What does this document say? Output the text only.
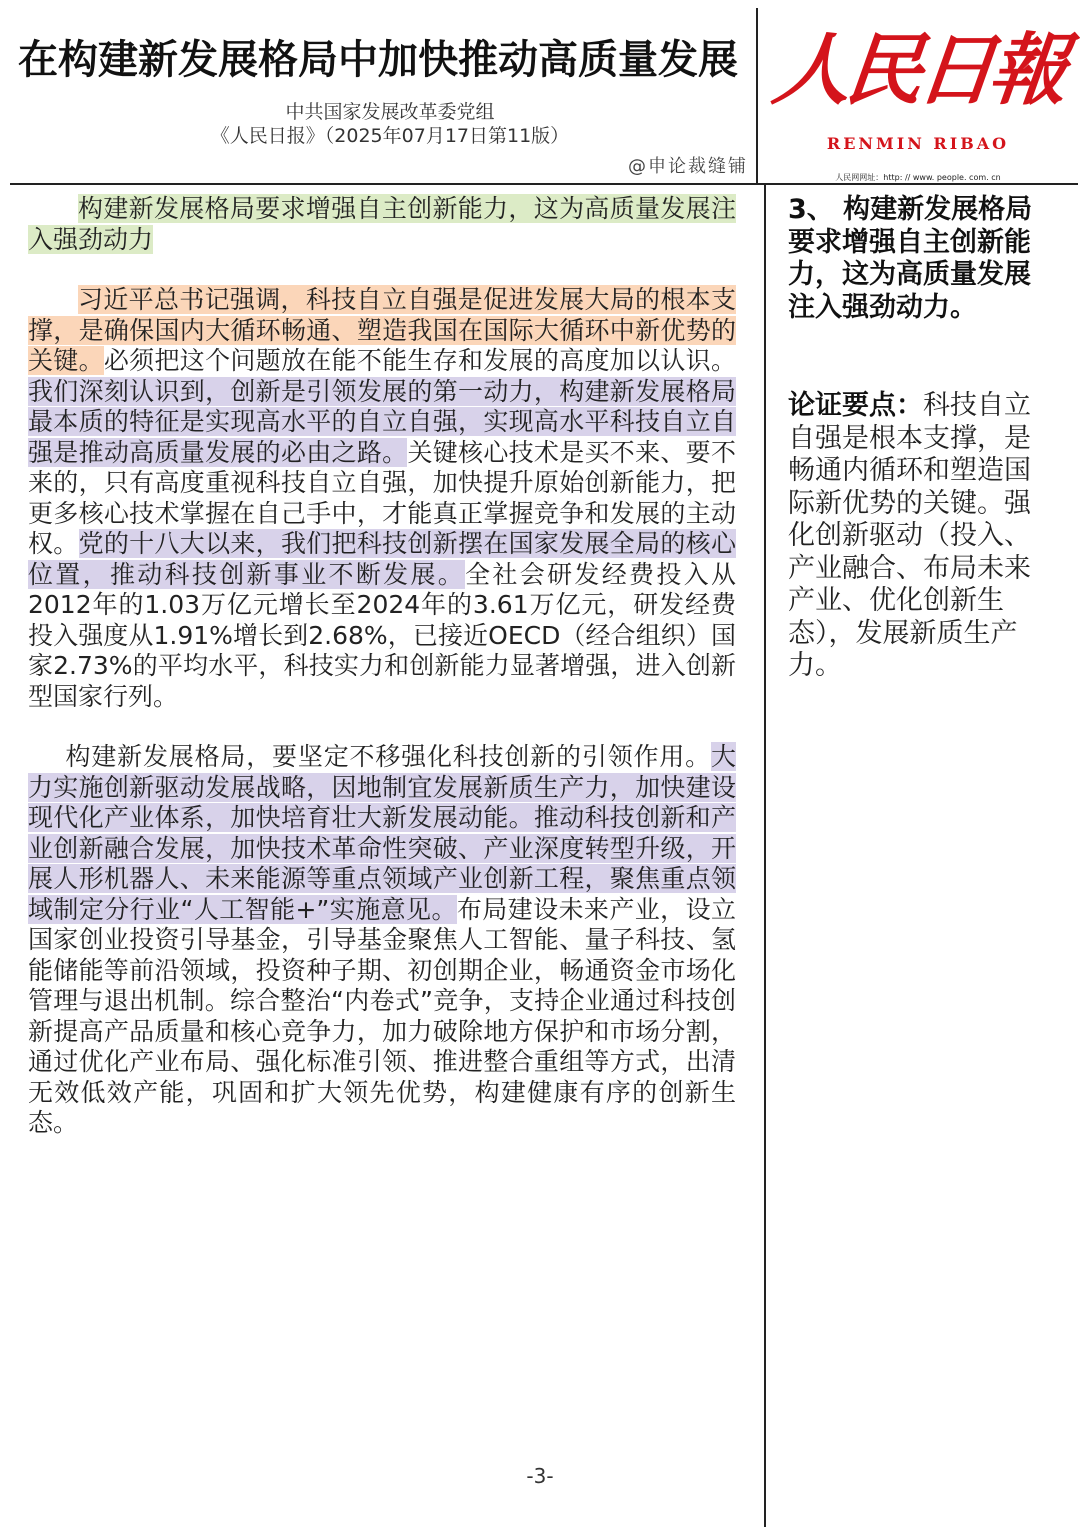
在构建新发展格局中加快推动高质量发展
中共国家发展改革委党组
《人民日报》（2025年07月17日第11版）
@申论裁缝铺
人民日報
RENMIN RIBAO
人民网网址：http: // www. people. com. cn

构建新发展格局要求增强自主创新能力，这为高质量发展注入强劲动力

习近平总书记强调，科技自立自强是促进发展大局的根本支撑，是确保国内大循环畅通、塑造我国在国际大循环中新优势的关键。必须把这个问题放在能不能生存和发展的高度加以认识。我们深刻认识到，创新是引领发展的第一动力，构建新发展格局最本质的特征是实现高水平的自立自强，实现高水平科技自立自强是推动高质量发展的必由之路。关键核心技术是买不来、要不来的，只有高度重视科技自立自强，加快提升原始创新能力，把更多核心技术掌握在自己手中，才能真正掌握竞争和发展的主动权。党的十八大以来，我们把科技创新摆在国家发展全局的核心位置，推动科技创新事业不断发展。全社会研发经费投入从2012年的1.03万亿元增长至2024年的3.61万亿元，研发经费投入强度从1.91%增长到2.68%，已接近OECD（经合组织）国家2.73%的平均水平，科技实力和创新能力显著增强，进入创新型国家行列。

构建新发展格局，要坚定不移强化科技创新的引领作用。大力实施创新驱动发展战略，因地制宜发展新质生产力，加快建设现代化产业体系，加快培育壮大新发展动能。推动科技创新和产业创新融合发展，加快技术革命性突破、产业深度转型升级，开展人形机器人、未来能源等重点领域产业创新工程，聚焦重点领域制定分行业“人工智能+”实施意见。布局建设未来产业，设立国家创业投资引导基金，引导基金聚焦人工智能、量子科技、氢能储能等前沿领域，投资种子期、初创期企业，畅通资金市场化管理与退出机制。综合整治“内卷式”竞争，支持企业通过科技创新提高产品质量和核心竞争力，加力破除地方保护和市场分割，通过优化产业布局、强化标准引领、推进整合重组等方式，出清无效低效产能，巩固和扩大领先优势，构建健康有序的创新生态。

3、 构建新发展格局要求增强自主创新能力，这为高质量发展注入强劲动力。

论证要点：科技自立自强是根本支撑，是畅通内循环和塑造国际新优势的关键。强化创新驱动（投入、产业融合、布局未来产业、优化创新生态），发展新质生产力。

-3-
